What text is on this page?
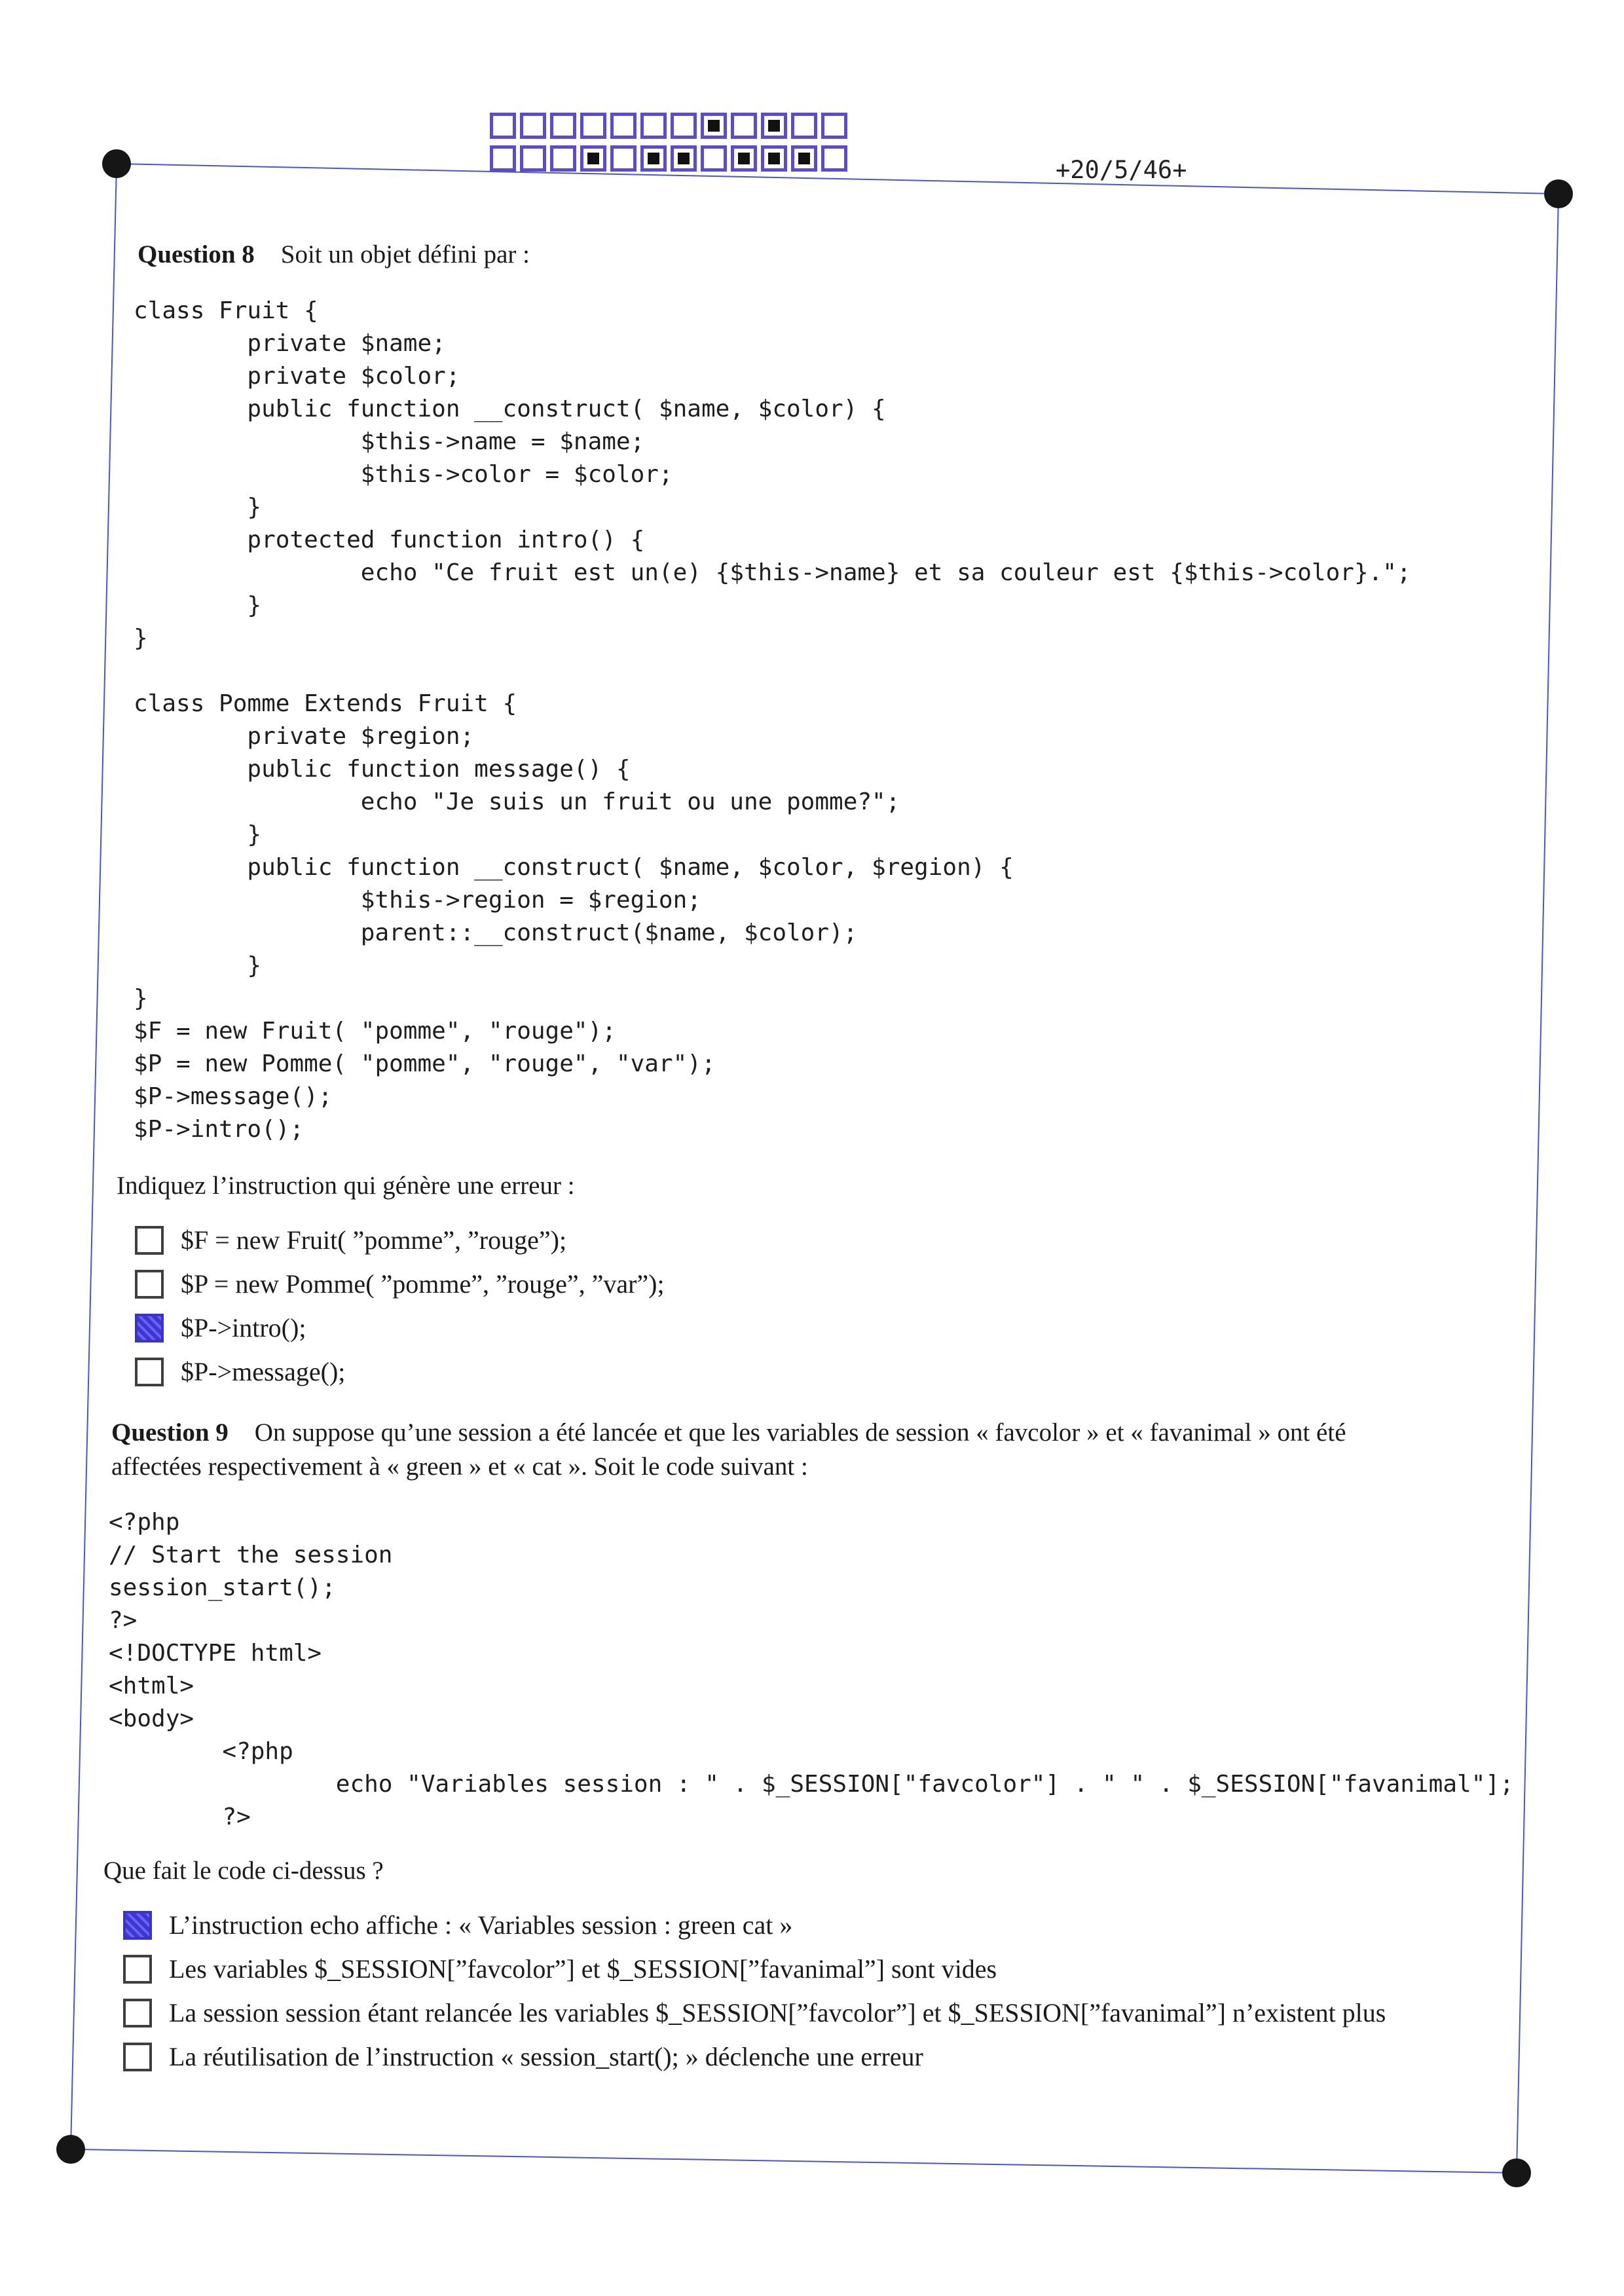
+20/5/46+
Question 8 Soit un objet défini par :
class Fruit {
private $name;
private $color;
public function __construct( $name, $color) {
$this->name = $name;
$this->color = $color;
}
protected function intro() {
echo "Ce fruit est un(e) {$this->name} et sa couleur est {$this->color}.";
}
}

class Pomme Extends Fruit {
private $region;
public function message() {
echo "Je suis un fruit ou une pomme?";
}
public function __construct( $name, $color, $region) {
$this->region = $region;
parent::__construct($name, $color);
}
}
$F = new Fruit( "pomme", "rouge");
$P = new Pomme( "pomme", "rouge", "var");
$P->message();
$P->intro();
Indiquez l’instruction qui génère une erreur :
$F = new Fruit( ”pomme”, ”rouge”);
$P = new Pomme( ”pomme”, ”rouge”, ”var”);
$P->intro();
$P->message();
Question 9 On suppose qu’une session a été lancée et que les variables de session « favcolor » et « favanimal » ont été
affectées respectivement à « green » et « cat ». Soit le code suivant :
<?php
// Start the session
session_start();
?>
<!DOCTYPE html>
<html>
<body>
<?php
echo "Variables session : " . $_SESSION["favcolor"] . " " . $_SESSION["favanimal"];
?>
Que fait le code ci-dessus ?
L’instruction echo affiche : « Variables session : green cat »
Les variables $_SESSION[”favcolor”] et $_SESSION[”favanimal”] sont vides
La session session étant relancée les variables $_SESSION[”favcolor”] et $_SESSION[”favanimal”] n’existent plus
La réutilisation de l’instruction « session_start(); » déclenche une erreur
